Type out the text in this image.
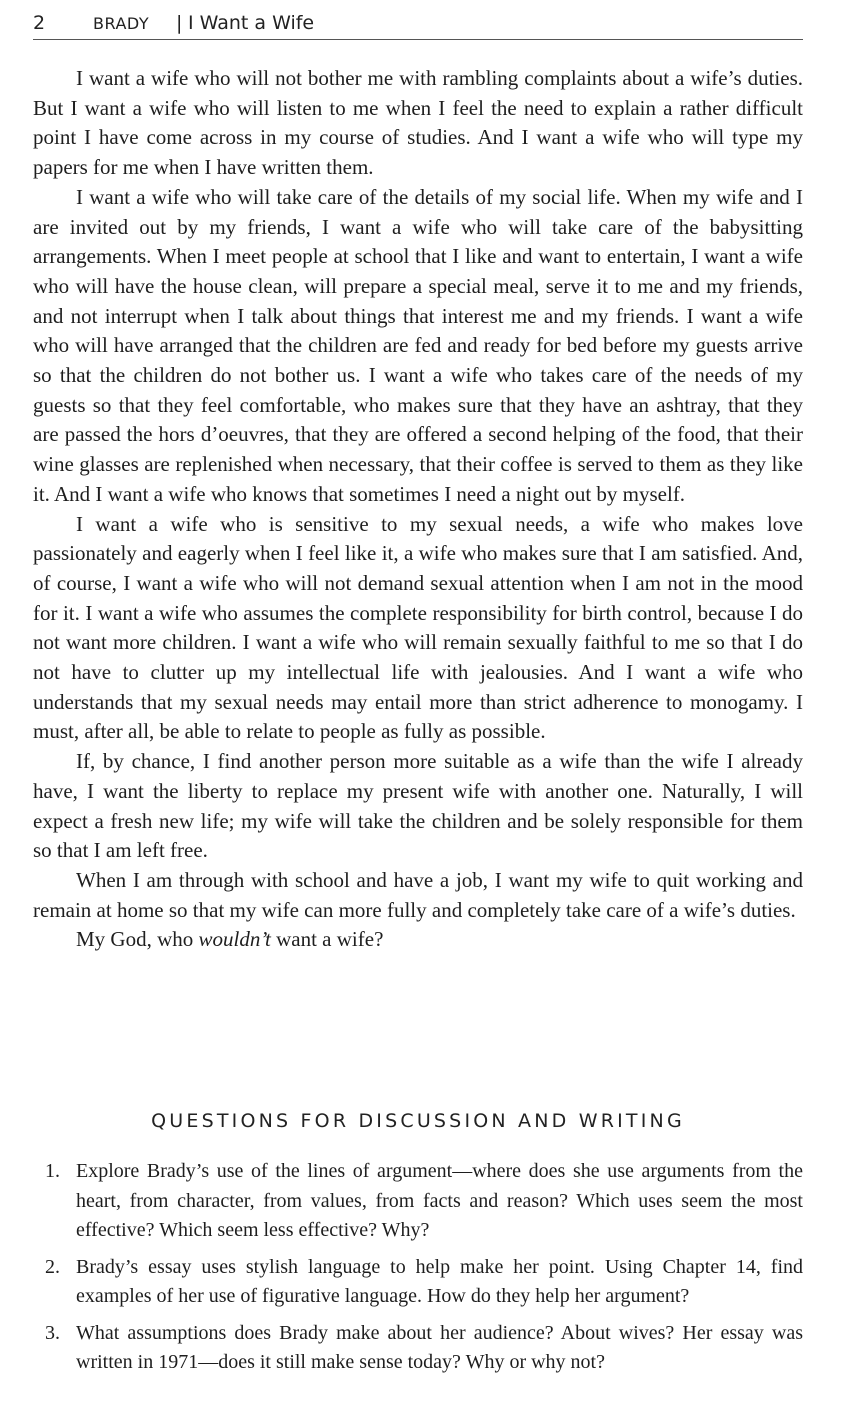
2	BRADY | I Want a Wife

I want a wife who will not bother me with rambling complaints about a wife’s duties. But I want a wife who will listen to me when I feel the need to explain a rather difficult point I have come across in my course of studies. And I want a wife who will type my papers for me when I have written them.

I want a wife who will take care of the details of my social life. When my wife and I are invited out by my friends, I want a wife who will take care of the babysitting arrangements. When I meet people at school that I like and want to entertain, I want a wife who will have the house clean, will prepare a special meal, serve it to me and my friends, and not interrupt when I talk about things that interest me and my friends. I want a wife who will have arranged that the children are fed and ready for bed before my guests arrive so that the children do not bother us. I want a wife who takes care of the needs of my guests so that they feel comfortable, who makes sure that they have an ashtray, that they are passed the hors d’oeuvres, that they are offered a second helping of the food, that their wine glasses are replenished when necessary, that their coffee is served to them as they like it. And I want a wife who knows that sometimes I need a night out by myself.

I want a wife who is sensitive to my sexual needs, a wife who makes love passionately and eagerly when I feel like it, a wife who makes sure that I am satisfied. And, of course, I want a wife who will not demand sexual attention when I am not in the mood for it. I want a wife who assumes the complete responsibility for birth control, because I do not want more children. I want a wife who will remain sexually faithful to me so that I do not have to clutter up my intellectual life with jealousies. And I want a wife who understands that my sexual needs may entail more than strict adherence to monogamy. I must, after all, be able to relate to people as fully as possible.

If, by chance, I find another person more suitable as a wife than the wife I already have, I want the liberty to replace my present wife with another one. Naturally, I will expect a fresh new life; my wife will take the children and be solely responsible for them so that I am left free.

When I am through with school and have a job, I want my wife to quit working and remain at home so that my wife can more fully and completely take care of a wife’s duties.

My God, who wouldn’t want a wife?

QUESTIONS FOR DISCUSSION AND WRITING
1. Explore Brady’s use of the lines of argument—where does she use arguments from the heart, from character, from values, from facts and reason? Which uses seem the most effective? Which seem less effective? Why?
2. Brady’s essay uses stylish language to help make her point. Using Chapter 14, find examples of her use of figurative language. How do they help her argument?
3. What assumptions does Brady make about her audience? About wives? Her essay was written in 1971—does it still make sense today? Why or why not?
